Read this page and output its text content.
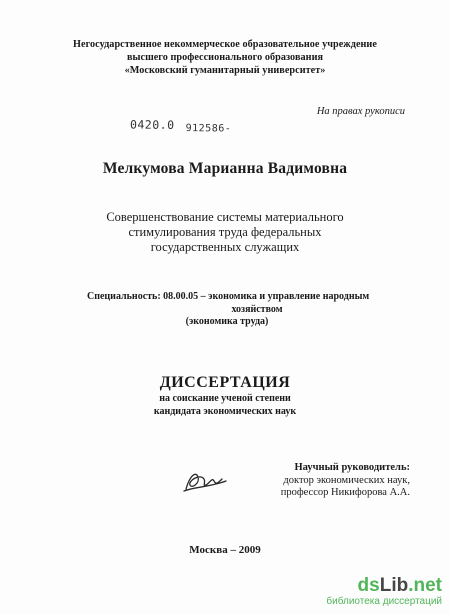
Негосударственное некоммерческое образовательное учреждение
высшего профессионального образования
«Московский гуманитарный университет»
На правах рукописи
0420.0 912586-
Мелкумова Марианна Вадимовна
Совершенствование системы материального
стимулирования труда федеральных
государственных служащих
Специальность: 08.00.05 – экономика и управление народным
хозяйством
(экономика труда)
ДИССЕРТАЦИЯ
на соискание ученой степени
кандидата экономических наук
Научный руководитель:
доктор экономических наук,
профессор Никифорова А.А.
Москва – 2009
dsLib.net
библиотека диссертаций
